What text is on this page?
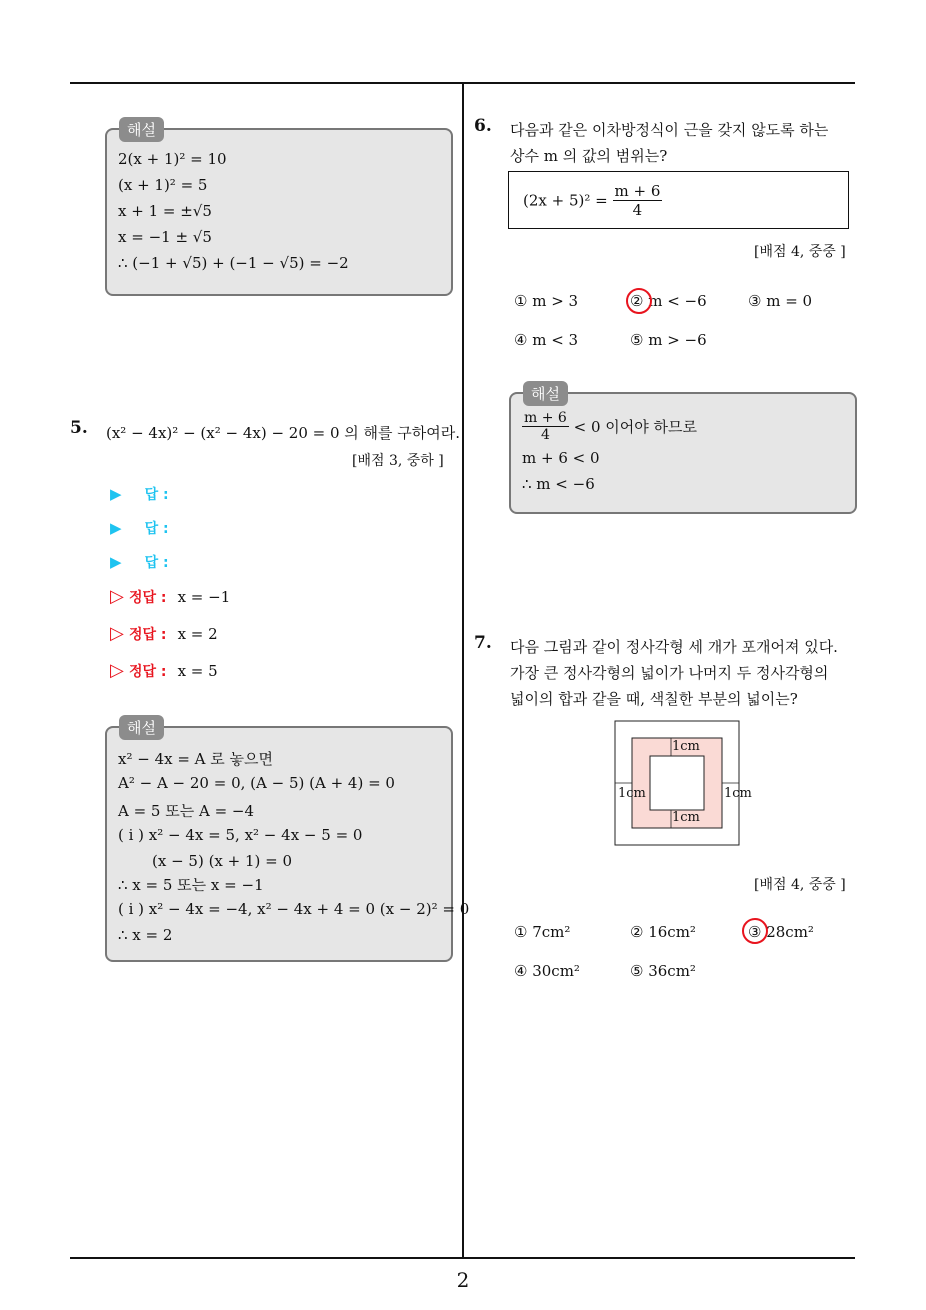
2
해설
2(x + 1)² = 10
(x + 1)² = 5
x + 1 = ±√5
x = −1 ± √5
∴ (−1 + √5) + (−1 − √5) = −2
5. (x² − 4x)² − (x² − 4x) − 20 = 0 의 해를 구하여라.
[배점 3, 중하 ]
▶ 답 :
▶ 답 :
▶ 답 :
▷ 정답 : x = −1
▷ 정답 : x = 2
▷ 정답 : x = 5
해설
x² − 4x = A 로 놓으면
A² − A − 20 = 0, (A − 5) (A + 4) = 0
A = 5 또는 A = −4
( i ) x² − 4x = 5, x² − 4x − 5 = 0
(x − 5) (x + 1) = 0
∴ x = 5 또는 x = −1
( i ) x² − 4x = −4, x² − 4x + 4 = 0 (x − 2)² = 0
∴ x = 2
6. 다음과 같은 이차방정식이 근을 갖지 않도록 하는
상수 m 의 값의 범위는?
$(2x + 5)^2 = \frac{m + 6}{4}$
[배점 4, 중중 ]
① m > 3	② m < −6	③ m = 0
④ m < 3	⑤ m > −6
해설
$\frac{m + 6}{4} < 0$ 이어야 하므로
m + 6 < 0
∴ m < −6
7. 다음 그림과 같이 정사각형 세 개가 포개어져 있다.
가장 큰 정사각형의 넓이가 나머지 두 정사각형의
넓이의 합과 같을 때, 색칠한 부분의 넓이는?
1cm
1cm
1cm	1cm
[배점 4, 중중 ]
① 7cm²	② 16cm²	③ 28cm²
④ 30cm²	⑤ 36cm²
